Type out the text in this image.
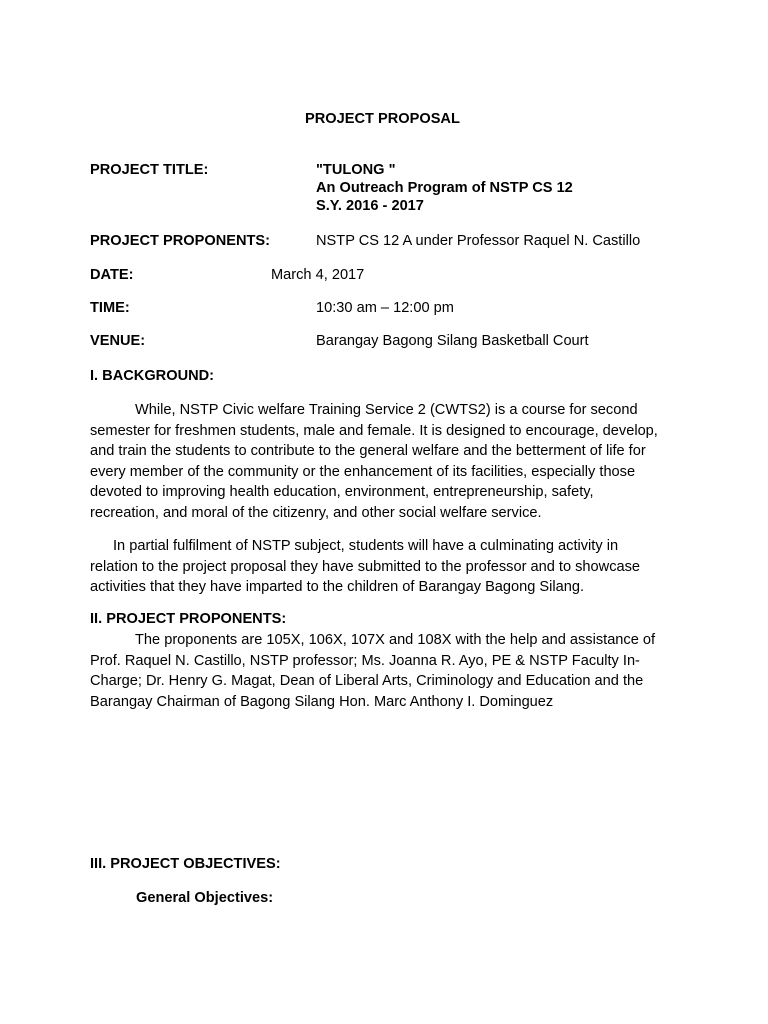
PROJECT PROPOSAL
PROJECT TITLE:	"TULONG "
An Outreach Program of NSTP CS 12
S.Y. 2016 - 2017
PROJECT PROPONENTS:	NSTP CS 12 A under Professor Raquel N. Castillo
DATE:	March 4, 2017
TIME:	10:30 am – 12:00 pm
VENUE:	Barangay Bagong Silang Basketball Court
I. BACKGROUND:
While, NSTP Civic welfare Training Service 2 (CWTS2) is a course for second
semester for freshmen students, male and female. It is designed to encourage, develop,
and train the students to contribute to the general welfare and the betterment of life for
every member of the community or the enhancement of its facilities, especially those
devoted to improving health education, environment, entrepreneurship, safety,
recreation, and moral of the citizenry, and other social welfare service.
In partial fulfilment of NSTP subject, students will have a culminating activity in
relation to the project proposal they have submitted to the professor and to showcase
activities that they have imparted to the children of Barangay Bagong Silang.
II. PROJECT PROPONENTS:
The proponents are 105X, 106X, 107X and 108X with the help and assistance of
Prof. Raquel N. Castillo, NSTP professor; Ms. Joanna R. Ayo, PE & NSTP Faculty In-
Charge; Dr. Henry G. Magat, Dean of Liberal Arts, Criminology and Education and the
Barangay Chairman of Bagong Silang Hon. Marc Anthony I. Dominguez
III. PROJECT OBJECTIVES:
General Objectives:
